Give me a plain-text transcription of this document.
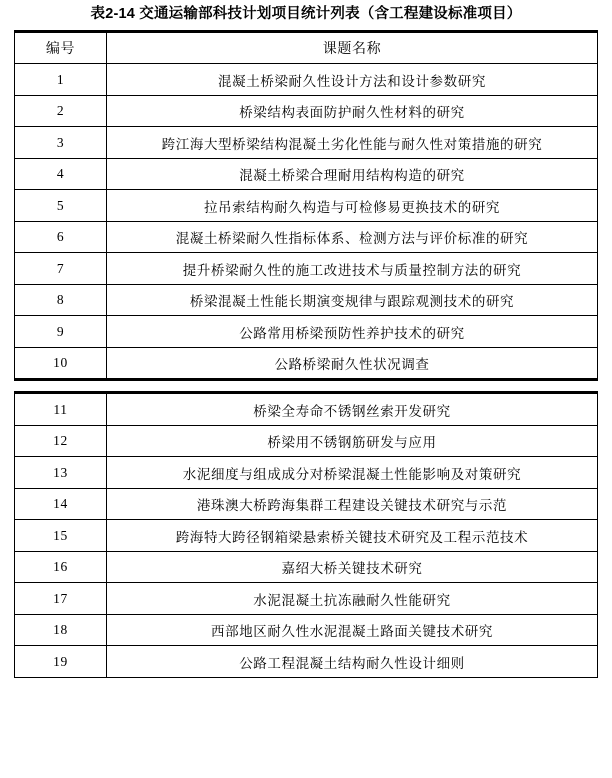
表2-14 交通运输部科技计划项目统计列表（含工程建设标准项目）
编号	课题名称
1	混凝土桥梁耐久性设计方法和设计参数研究
2	桥梁结构表面防护耐久性材料的研究
3	跨江海大型桥梁结构混凝土劣化性能与耐久性对策措施的研究
4	混凝土桥梁合理耐用结构构造的研究
5	拉吊索结构耐久构造与可检修易更换技术的研究
6	混凝土桥梁耐久性指标体系、检测方法与评价标准的研究
7	提升桥梁耐久性的施工改进技术与质量控制方法的研究
8	桥梁混凝土性能长期演变规律与跟踪观测技术的研究
9	公路常用桥梁预防性养护技术的研究
10	公路桥梁耐久性状况调查
11	桥梁全寿命不锈钢丝索开发研究
12	桥梁用不锈钢筋研发与应用
13	水泥细度与组成成分对桥梁混凝土性能影响及对策研究
14	港珠澳大桥跨海集群工程建设关键技术研究与示范
15	跨海特大跨径钢箱梁悬索桥关键技术研究及工程示范技术
16	嘉绍大桥关键技术研究
17	水泥混凝土抗冻融耐久性能研究
18	西部地区耐久性水泥混凝土路面关键技术研究
19	公路工程混凝土结构耐久性设计细则
